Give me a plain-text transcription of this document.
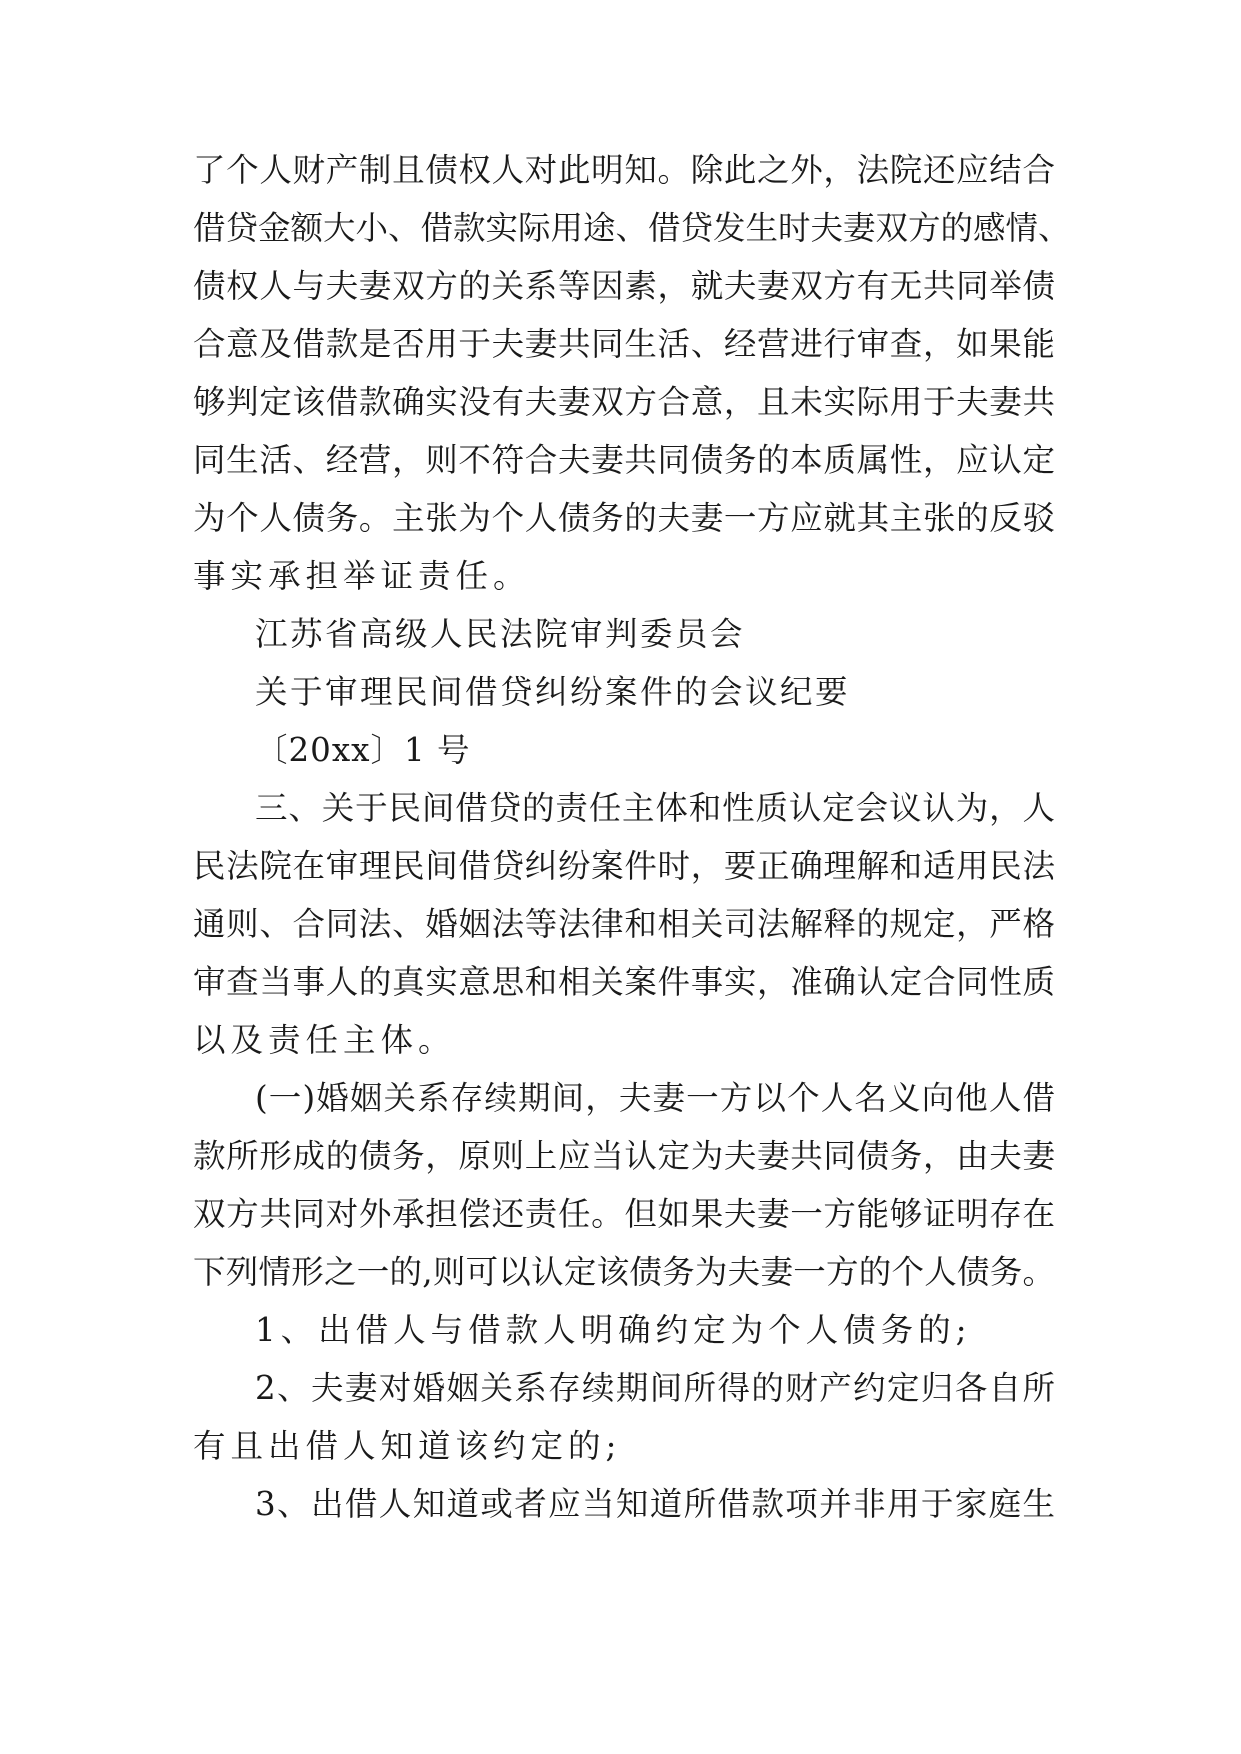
了个人财产制且债权人对此明知。除此之外，法院还应结合
借贷金额大小、借款实际用途、借贷发生时夫妻双方的感情、
债权人与夫妻双方的关系等因素，就夫妻双方有无共同举债
合意及借款是否用于夫妻共同生活、经营进行审查，如果能
够判定该借款确实没有夫妻双方合意，且未实际用于夫妻共
同生活、经营，则不符合夫妻共同债务的本质属性，应认定
为个人债务。主张为个人债务的夫妻一方应就其主张的反驳
事实承担举证责任。
江苏省高级人民法院审判委员会
关于审理民间借贷纠纷案件的会议纪要
〔20xx〕1 号
三、关于民间借贷的责任主体和性质认定会议认为，人
民法院在审理民间借贷纠纷案件时，要正确理解和适用民法
通则、合同法、婚姻法等法律和相关司法解释的规定，严格
审查当事人的真实意思和相关案件事实，准确认定合同性质
以及责任主体。
(一)婚姻关系存续期间，夫妻一方以个人名义向他人借
款所形成的债务，原则上应当认定为夫妻共同债务，由夫妻
双方共同对外承担偿还责任。但如果夫妻一方能够证明存在
下列情形之一的,则可以认定该债务为夫妻一方的个人债务。
1、出借人与借款人明确约定为个人债务的;
2、夫妻对婚姻关系存续期间所得的财产约定归各自所
有且出借人知道该约定的;
3、出借人知道或者应当知道所借款项并非用于家庭生
